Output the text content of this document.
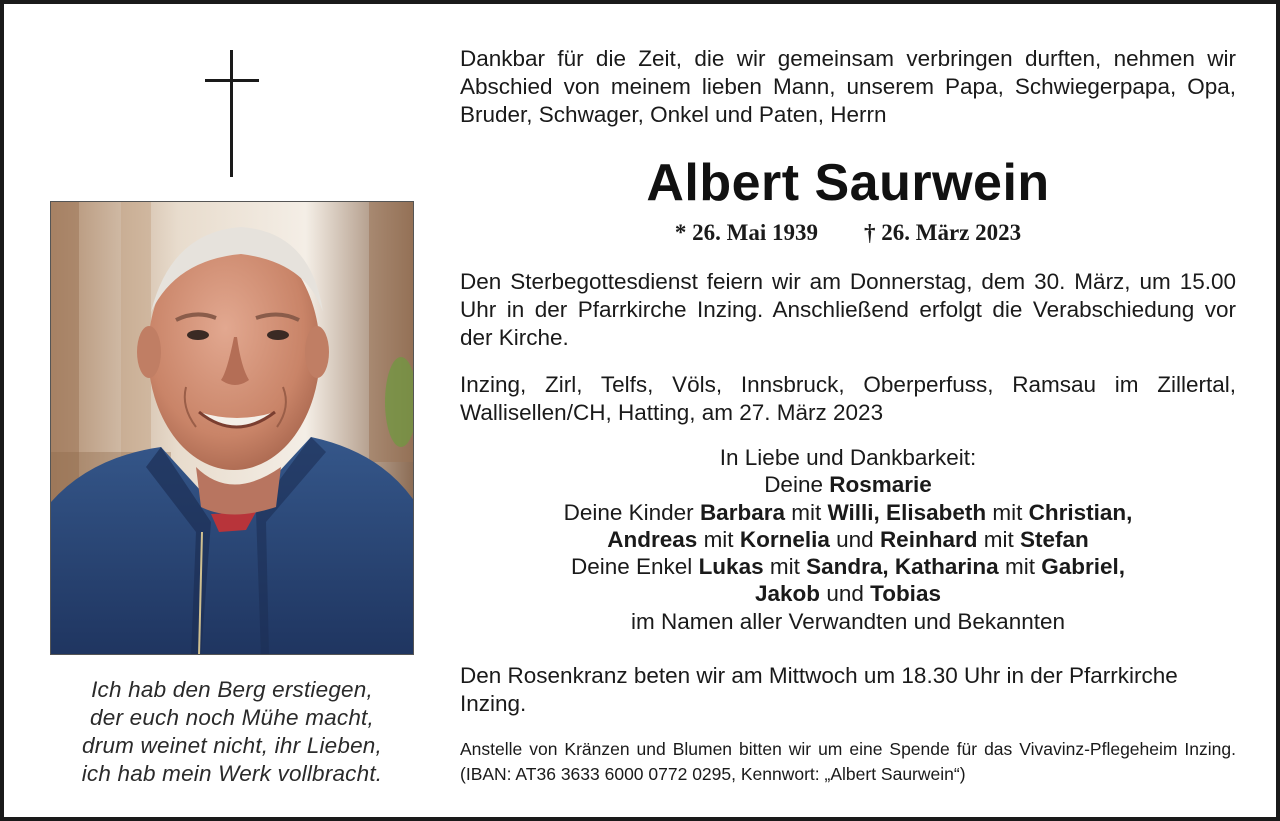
Ich hab den Berg erstiegen,
der euch noch Mühe macht,
drum weinet nicht, ihr Lieben,
ich hab mein Werk vollbracht.
Dankbar für die Zeit, die wir gemeinsam verbringen durften, nehmen wir Abschied von meinem lieben Mann, unserem Papa, Schwiegerpapa, Opa, Bruder, Schwager, Onkel und Paten, Herrn
Albert Saurwein
* 26. Mai 1939 † 26. März 2023
Den Sterbegottesdienst feiern wir am Donnerstag, dem 30. März, um 15.00 Uhr in der Pfarrkirche Inzing. Anschließend erfolgt die Verabschiedung vor der Kirche.
Inzing, Zirl, Telfs, Völs, Innsbruck, Oberperfuss, Ramsau im Zillertal, Wallisellen/CH, Hatting, am 27. März 2023
In Liebe und Dankbarkeit:
Deine Rosmarie
Deine Kinder Barbara mit Willi, Elisabeth mit Christian,
Andreas mit Kornelia und Reinhard mit Stefan
Deine Enkel Lukas mit Sandra, Katharina mit Gabriel,
Jakob und Tobias
im Namen aller Verwandten und Bekannten
Den Rosenkranz beten wir am Mittwoch um 18.30 Uhr in der Pfarrkirche Inzing.
Anstelle von Kränzen und Blumen bitten wir um eine Spende für das Vivavinz-Pflegeheim Inzing. (IBAN: AT36 3633 6000 0772 0295, Kennwort: „Albert Saurwein“)
